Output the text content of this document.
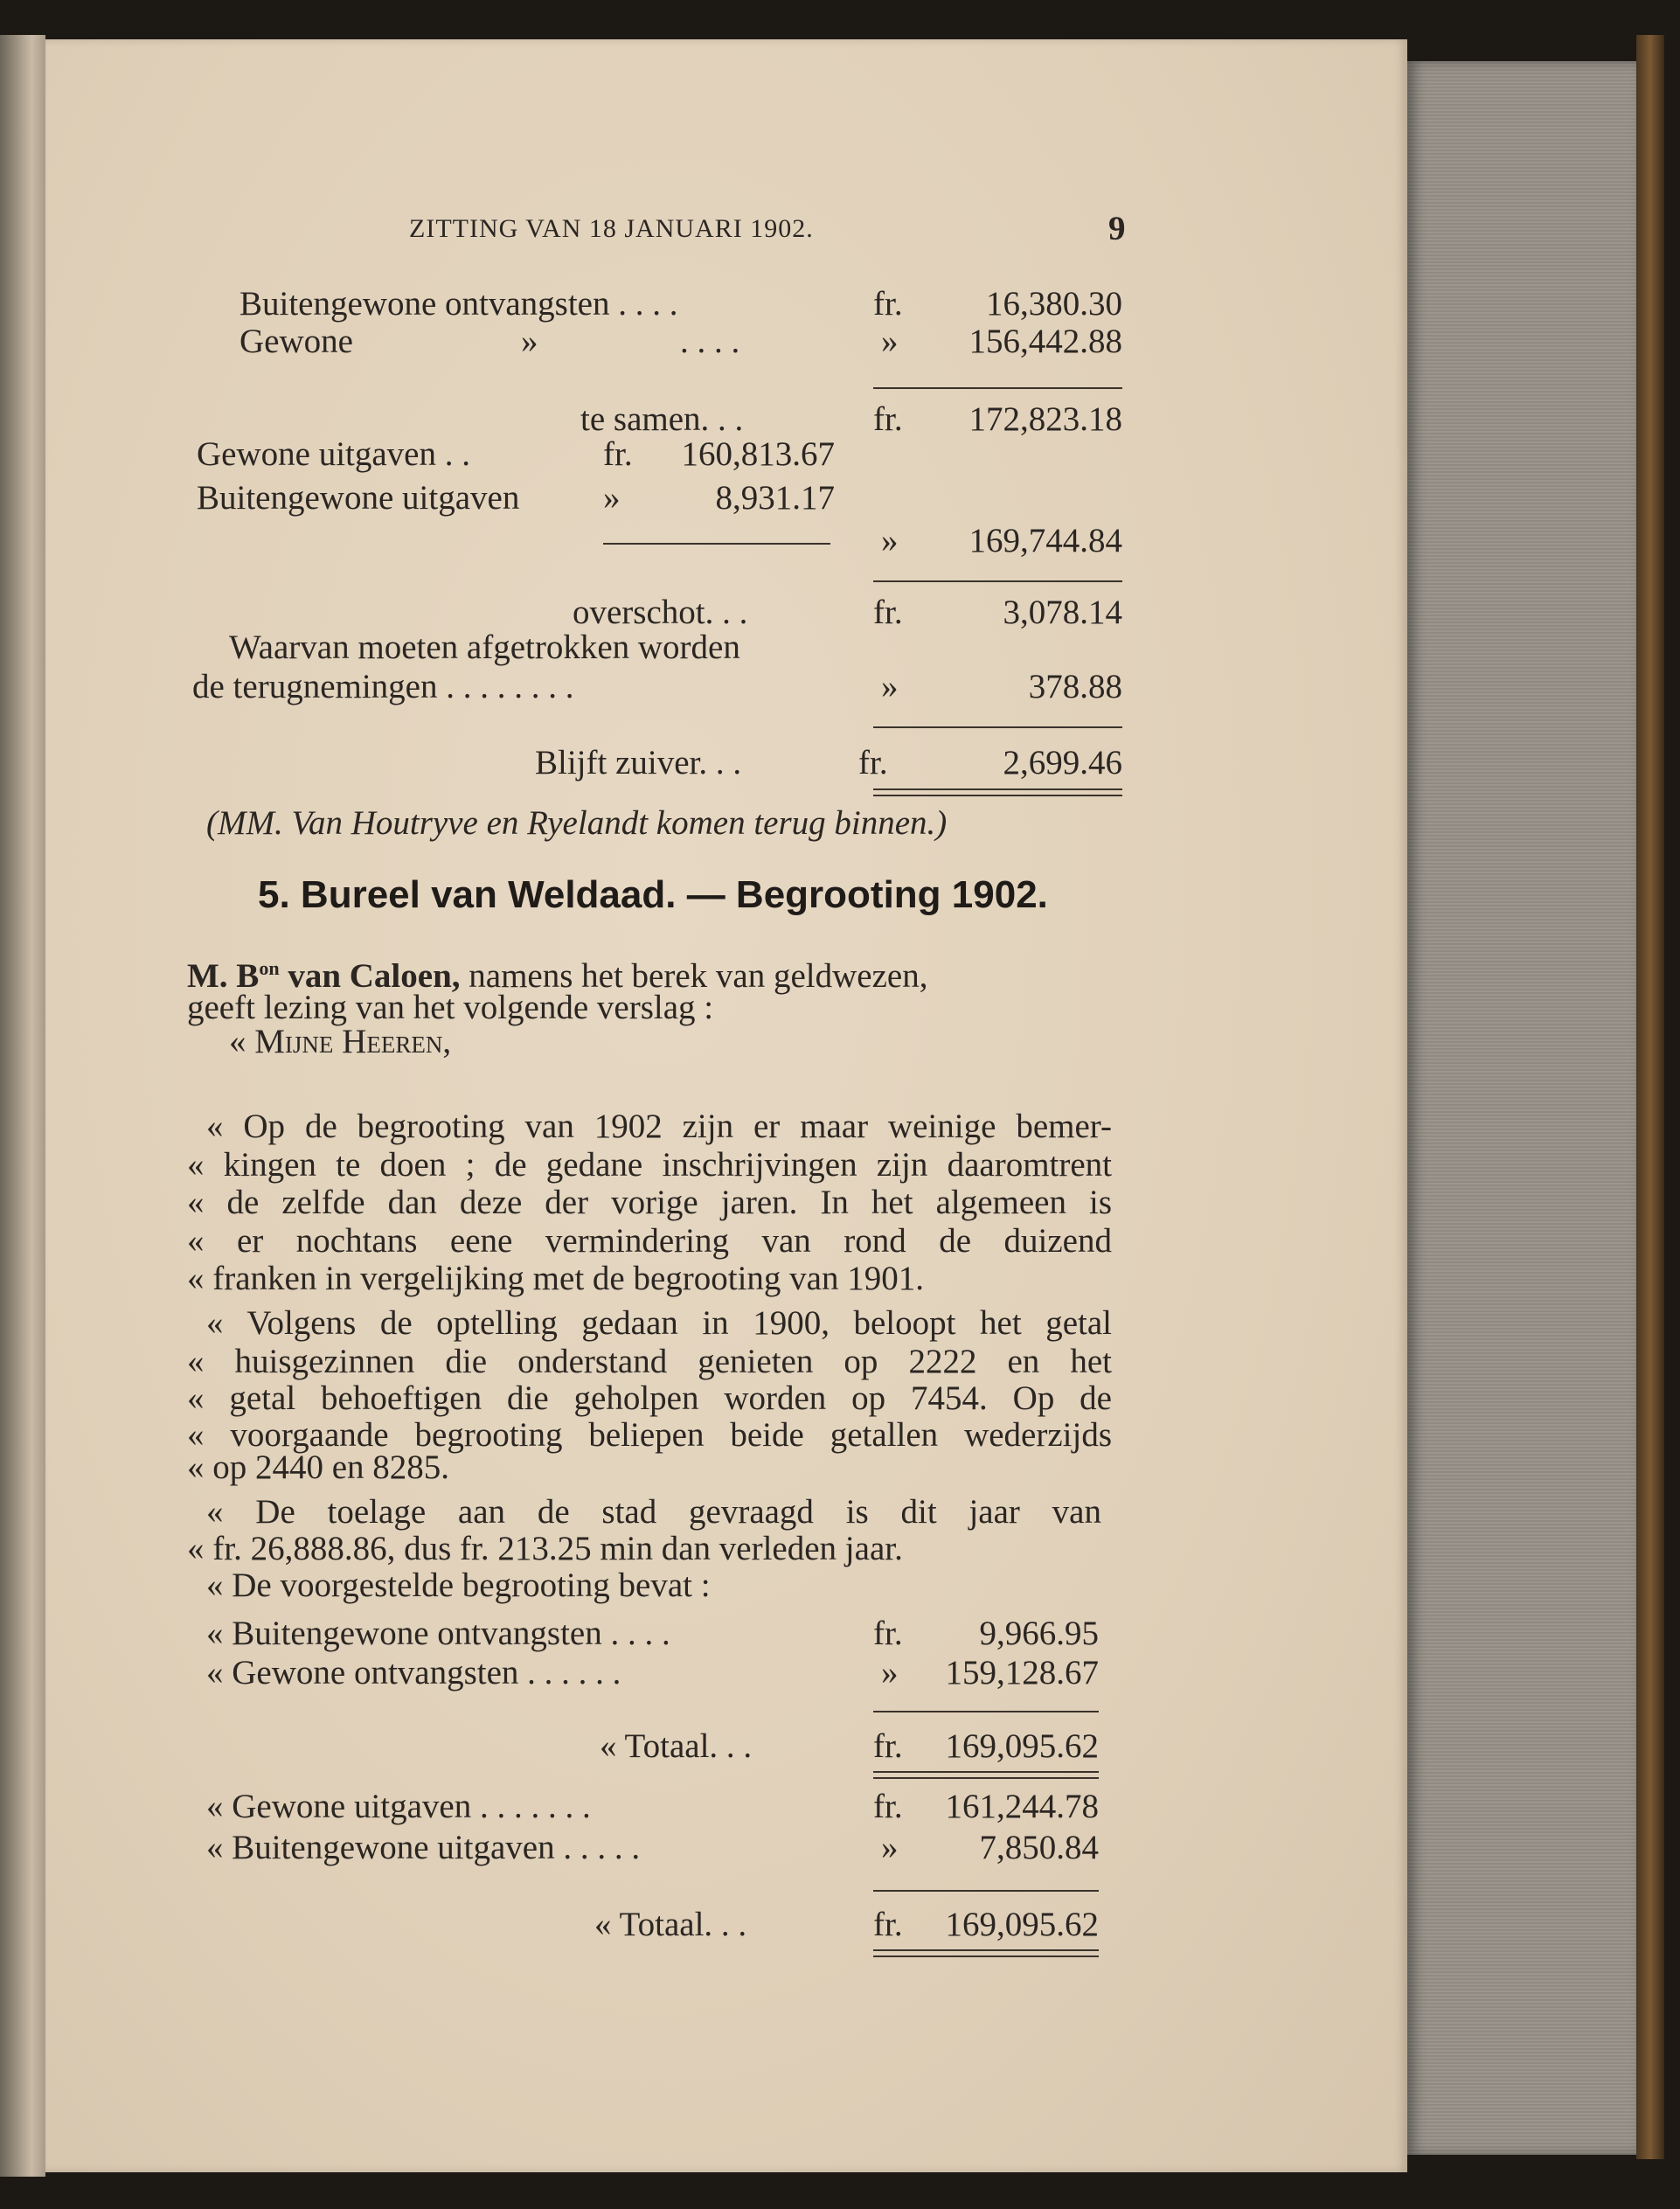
ZITTING VAN 18 JANUARI 1902.	9
Buitengewone ontvangsten . . . .	fr. 16,380.30
Gewone	»	. . . .	» 156,442.88
te samen. . .	fr. 172,823.18
Gewone uitgaven . .	fr. 160,813.67
Buitengewone uitgaven »	8,931.17
» 169,744.84
overschot. . .	fr.	3,078.14
Waarvan moeten afgetrokken worden
de terugnemingen . . . . . . . .	»	378.88
Blijft zuiver. . .	fr.	2,699.46
(MM. Van Houtryve en Ryelandt komen terug binnen.)
5. Bureel van Weldaad. — Begrooting 1902.
M. $B^{on}$ van Caloen, namens het berek van geldwezen,
geeft lezing van het volgende verslag :
« Mijne Heeren,
« Op de begrooting van 1902 zijn er maar weinige bemer-
« kingen te doen ; de gedane inschrijvingen zijn daaromtrent
« de zelfde dan deze der vorige jaren. In het algemeen is
« er nochtans eene vermindering van rond de duizend
« franken in vergelijking met de begrooting van 1901.
« Volgens de optelling gedaan in 1900, beloopt het getal
« huisgezinnen die onderstand genieten op 2222 en het
« getal behoeftigen die geholpen worden op 7454. Op de
« voorgaande begrooting beliepen beide getallen wederzijds
« op 2440 en 8285.
« De toelage aan de stad gevraagd is dit jaar van
« fr. 26,888.86, dus fr. 213.25 min dan verleden jaar.
« De voorgestelde begrooting bevat :
« Buitengewone ontvangsten . . . .	fr. 9,966.95
« Gewone ontvangsten . . . . . .	» 159,128.67
« Totaal. . .	fr. 169,095.62
« Gewone uitgaven . . . . . . .	fr. 161,244.78
« Buitengewone uitgaven . . . . .	» 7,850.84
« Totaal. . .	fr. 169,095.62
